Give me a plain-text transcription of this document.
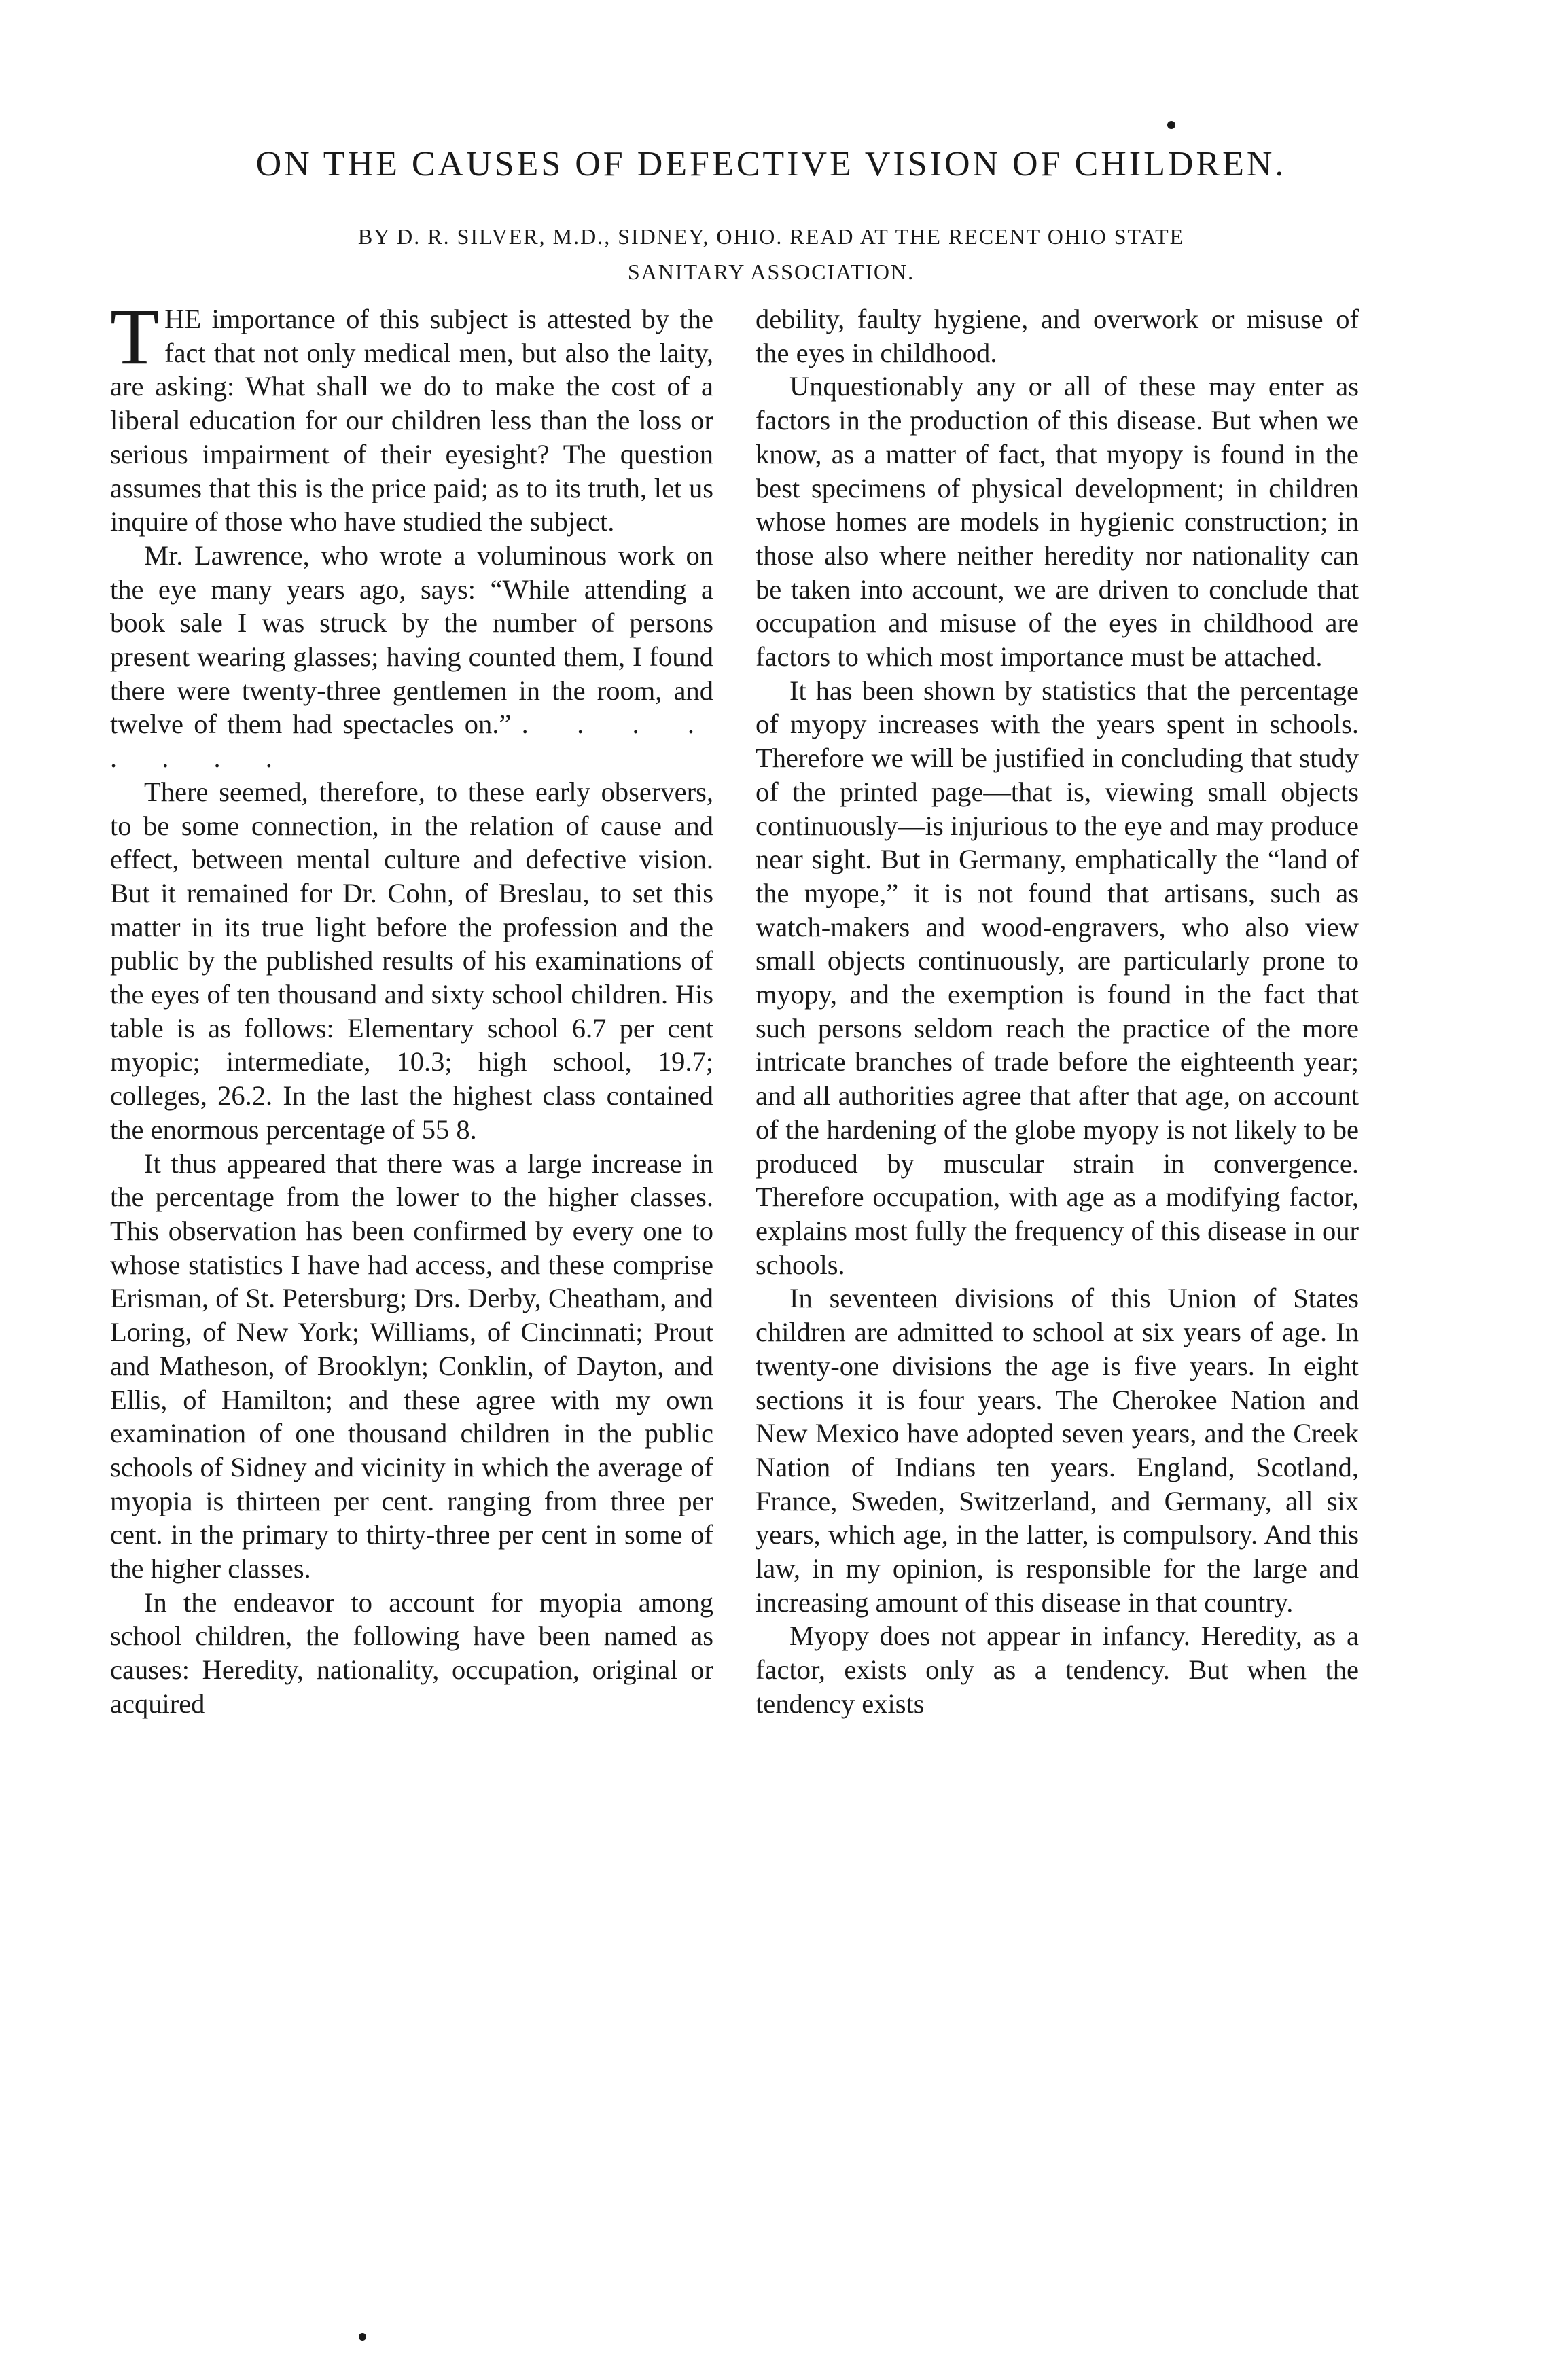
ON THE CAUSES OF DEFECTIVE VISION OF CHILDREN.
BY D. R. SILVER, M.D., SIDNEY, OHIO. READ AT THE RECENT OHIO STATE
SANITARY ASSOCIATION.

THE importance of this subject is attested by the fact that not only medical men, but also the laity, are asking: What shall we do to make the cost of a liberal education for our children less than the loss or serious impairment of their eyesight? The question assumes that this is the price paid; as to its truth, let us inquire of those who have studied the subject.

Mr. Lawrence, who wrote a voluminous work on the eye many years ago, says: “While attending a book sale I was struck by the number of persons present wearing glasses; having counted them, I found there were twenty-three gentlemen in the room, and twelve of them had spectacles on.” . . . . . . . .

There seemed, therefore, to these early observers, to be some connection, in the relation of cause and effect, between mental culture and defective vision. But it remained for Dr. Cohn, of Breslau, to set this matter in its true light before the profession and the public by the published results of his examinations of the eyes of ten thousand and sixty school children. His table is as follows: Elementary school 6.7 per cent myopic; intermediate, 10.3; high school, 19.7; colleges, 26.2. In the last the highest class contained the enormous percentage of 55 8.

It thus appeared that there was a large increase in the percentage from the lower to the higher classes. This observation has been confirmed by every one to whose statistics I have had access, and these comprise Erisman, of St. Petersburg; Drs. Derby, Cheatham, and Loring, of New York; Williams, of Cincinnati; Prout and Matheson, of Brooklyn; Conklin, of Dayton, and Ellis, of Hamilton; and these agree with my own examination of one thousand children in the public schools of Sidney and vicinity in which the average of myopia is thirteen per cent. ranging from three per cent. in the primary to thirty-three per cent in some of the higher classes.

In the endeavor to account for myopia among school children, the following have been named as causes: Heredity, nationality, occupation, original or acquired

debility, faulty hygiene, and overwork or misuse of the eyes in childhood.

Unquestionably any or all of these may enter as factors in the production of this disease. But when we know, as a matter of fact, that myopy is found in the best specimens of physical development; in children whose homes are models in hygienic construction; in those also where neither heredity nor nationality can be taken into account, we are driven to conclude that occupation and misuse of the eyes in childhood are factors to which most importance must be attached.

It has been shown by statistics that the percentage of myopy increases with the years spent in schools. Therefore we will be justified in concluding that study of the printed page—that is, viewing small objects continuously—is injurious to the eye and may produce near sight. But in Germany, emphatically the “land of the myope,” it is not found that artisans, such as watch-makers and wood-engravers, who also view small objects continuously, are particularly prone to myopy, and the exemption is found in the fact that such persons seldom reach the practice of the more intricate branches of trade before the eighteenth year; and all authorities agree that after that age, on account of the hardening of the globe myopy is not likely to be produced by muscular strain in convergence. Therefore occupation, with age as a modifying factor, explains most fully the frequency of this disease in our schools.

In seventeen divisions of this Union of States children are admitted to school at six years of age. In twenty-one divisions the age is five years. In eight sections it is four years. The Cherokee Nation and New Mexico have adopted seven years, and the Creek Nation of Indians ten years. England, Scotland, France, Sweden, Switzerland, and Germany, all six years, which age, in the latter, is compulsory. And this law, in my opinion, is responsible for the large and increasing amount of this disease in that country.

Myopy does not appear in infancy. Heredity, as a factor, exists only as a tendency. But when the tendency exists
